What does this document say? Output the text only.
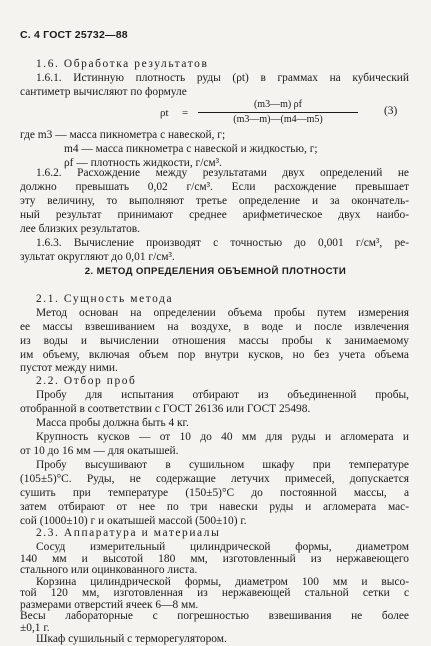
С. 4 ГОСТ 25732—88
1.6. Обработка результатов
1.6.1. Истинную плотность руды (ρt) в граммах на кубический
сантиметр вычисляют по формуле
ρt =
(m3—m) ρf
(m3—m)—(m4—m5)
(3)
где m3 — масса пикнометра с навеской, г;
m4 — масса пикнометра с навеской и жидкостью, г;
ρf — плотность жидкости, г/см³.
1.6.2. Расхождение между результатами двух определений не
должно превышать 0,02 г/см³. Если расхождение превышает
эту величину, то выполняют третье определение и за окончатель-
ный результат принимают среднее арифметическое двух наибо-
лее близких результатов.
1.6.3. Вычисление производят с точностью до 0,001 г/см³, ре-
зультат округляют до 0,01 г/см³.
2. МЕТОД ОПРЕДЕЛЕНИЯ ОБЪЕМНОЙ ПЛОТНОСТИ
2.1. Сущность метода
Метод основан на определении объема пробы путем измерения
ее массы взвешиванием на воздухе, в воде и после извлечения
из воды и вычислении отношения массы пробы к занимаемому
им объему, включая объем пор внутри кусков, но без учета объема
пустот между ними.
2.2. Отбор проб
Пробу для испытания отбирают из объединенной пробы,
отобранной в соответствии с ГОСТ 26136 или ГОСТ 25498.
Масса пробы должна быть 4 кг.
Крупность кусков — от 10 до 40 мм для руды и агломерата и
от 10 до 16 мм — для окатышей.
Пробу высушивают в сушильном шкафу при температуре
(105±5)°С. Руды, не содержащие летучих примесей, допускается
сушить при температуре (150±5)°С до постоянной массы, а
затем отбирают от нее по три навески руды и агломерата мас-
сой (1000±10) г и окатышей массой (500±10) г.
2.3. Аппаратура и материалы
Сосуд измерительный цилиндрической формы, диаметром
140 мм и высотой 180 мм, изготовленный из нержавеющего
стального или оцинкованного листа.
Корзина цилиндрической формы, диаметром 100 мм и высо-
той 120 мм, изготовленная из нержавеющей стальной сетки с
размерами отверстий ячеек 6—8 мм.
Весы лабораторные с погрешностью взвешивания не более
±0,1 г.
Шкаф сушильный с терморегулятором.
